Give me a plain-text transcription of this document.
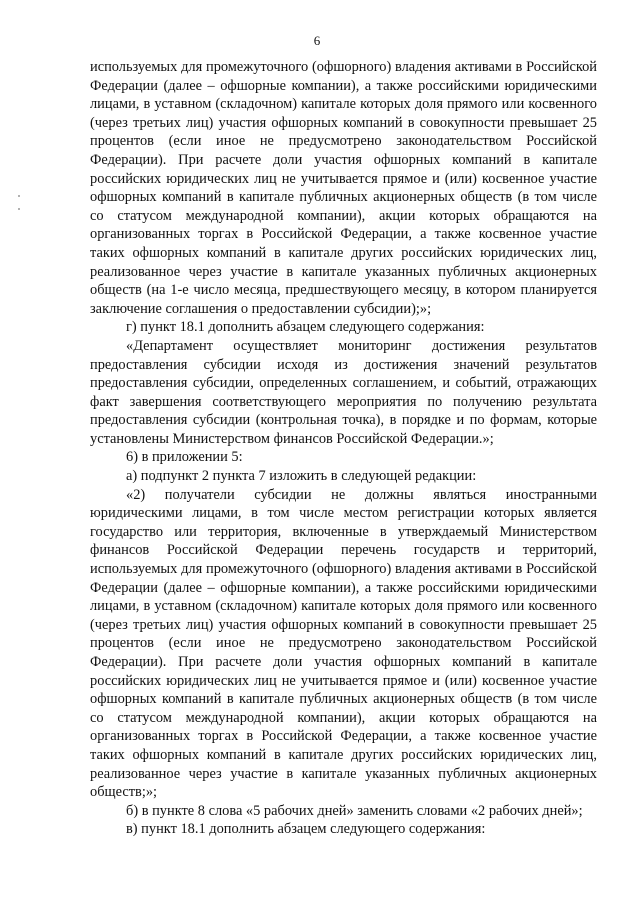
6

используемых для промежуточного (офшорного) владения активами в Российской Федерации (далее – офшорные компании), а также российскими юридическими лицами, в уставном (складочном) капитале которых доля прямого или косвенного (через третьих лиц) участия офшорных компаний в совокупности превышает 25 процентов (если иное не предусмотрено законодательством Российской Федерации). При расчете доли участия офшорных компаний в капитале российских юридических лиц не учитывается прямое и (или) косвенное участие офшорных компаний в капитале публичных акционерных обществ (в том числе со статусом международной компании), акции которых обращаются на организованных торгах в Российской Федерации, а также косвенное участие таких офшорных компаний в капитале других российских юридических лиц, реализованное через участие в капитале указанных публичных акционерных обществ (на 1-е число месяца, предшествующего месяцу, в котором планируется заключение соглашения о предоставлении субсидии);»;

г) пункт 18.1 дополнить абзацем следующего содержания:

«Департамент осуществляет мониторинг достижения результатов предоставления субсидии исходя из достижения значений результатов предоставления субсидии, определенных соглашением, и событий, отражающих факт завершения соответствующего мероприятия по получению результата предоставления субсидии (контрольная точка), в порядке и по формам, которые установлены Министерством финансов Российской Федерации.»;

6) в приложении 5:

а) подпункт 2 пункта 7 изложить в следующей редакции:

«2) получатели субсидии не должны являться иностранными юридическими лицами, в том числе местом регистрации которых является государство или территория, включенные в утверждаемый Министерством финансов Российской Федерации перечень государств и территорий, используемых для промежуточного (офшорного) владения активами в Российской Федерации (далее – офшорные компании), а также российскими юридическими лицами, в уставном (складочном) капитале которых доля прямого или косвенного (через третьих лиц) участия офшорных компаний в совокупности превышает 25 процентов (если иное не предусмотрено законодательством Российской Федерации). При расчете доли участия офшорных компаний в капитале российских юридических лиц не учитывается прямое и (или) косвенное участие офшорных компаний в капитале публичных акционерных обществ (в том числе со статусом международной компании), акции которых обращаются на организованных торгах в Российской Федерации, а также косвенное участие таких офшорных компаний в капитале других российских юридических лиц, реализованное через участие в капитале указанных публичных акционерных обществ;»;

б) в пункте 8 слова «5 рабочих дней» заменить словами «2 рабочих дней»;

в) пункт 18.1 дополнить абзацем следующего содержания:
